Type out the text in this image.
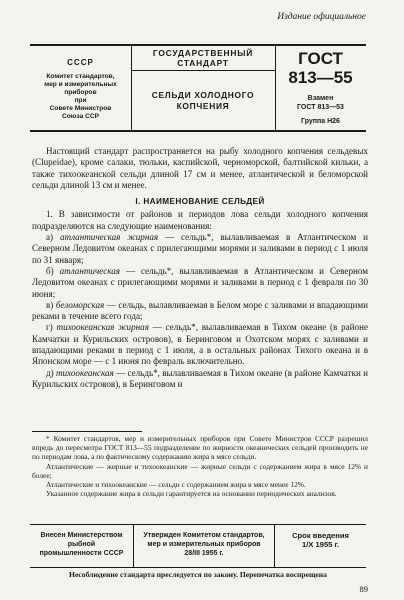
Издание официальное
СССР
Комитет стандартов,
мер и измерительных
приборов
при
Совете Министров
Союза ССР
ГОСУДАРСТВЕННЫЙ
СТАНДАРТ
СЕЛЬДИ ХОЛОДНОГО
КОПЧЕНИЯ
ГОСТ
813—55
Взамен
ГОСТ 813—53
Группа Н26

Настоящий стандарт распространяется на рыбу холодного копчения сельдевых (Clupeidae), кроме салаки, тюльки, каспийской, черноморской, балтийской кильки, а также тихоокеанской сельди длиной 17 см и менее, атлантической и беломорской сельди длиной 13 см и менее.

I. НАИМЕНОВАНИЕ СЕЛЬДЕЙ

1. В зависимости от районов и периодов лова сельди холодного копчения подразделяются на следующие наименования:

а) атлантическая жирная — сельдь*, вылавливаемая в Атлантическом и Северном Ледовитом океанах с прилегающими морями и заливами в период с 1 июля по 31 января;

б) атлантическая — сельдь*, вылавливаемая в Атлантическом и Северном Ледовитом океанах с прилегающими морями и заливами в период с 1 февраля по 30 июня;

в) беломорская — сельдь, вылавливаемая в Белом море с заливами и впадающими реками в течение всего года;

г) тихоокеанская жирная — сельдь*, вылавливаемая в Тихом океане (в районе Камчатки и Курильских островов), в Беринговом и Охотском морях с заливами и впадающими реками в период с 1 июля, а в остальных районах Тихого океана и в Японском море — с 1 июня по февраль включительно.

д) тихоокеанская — сельдь*, вылавливаемая в Тихом океане (в районе Камчатки и Курильских островов), в Беринговом и

* Комитет стандартов, мер и измерительных приборов при Совете Министров СССР разрешил впредь до пересмотра ГОСТ 813—55 подразделение по жирности океанических сельдей производить не по периодам лова, а по фактическому содержанию жира в мясе сельди.

Атлантические — жирные и тихоокеанские — жирные сельди с содержанием жира в мясе 12% и более;

Атлантические и тихоокеанские — сельди с содержанием жира в мясе менее 12%.

Указанное содержание жира в сельди гарантируется на основании периодических анализов.

Внесен Министерством
рыбной
промышленности СССР
Утвержден Комитетом стандартов,
мер и измерительных приборов
28/III 1955 г.
Срок введения
1/X 1955 г.
Несоблюдение стандарта преследуется по закону. Перепечатка воспрещена
89
